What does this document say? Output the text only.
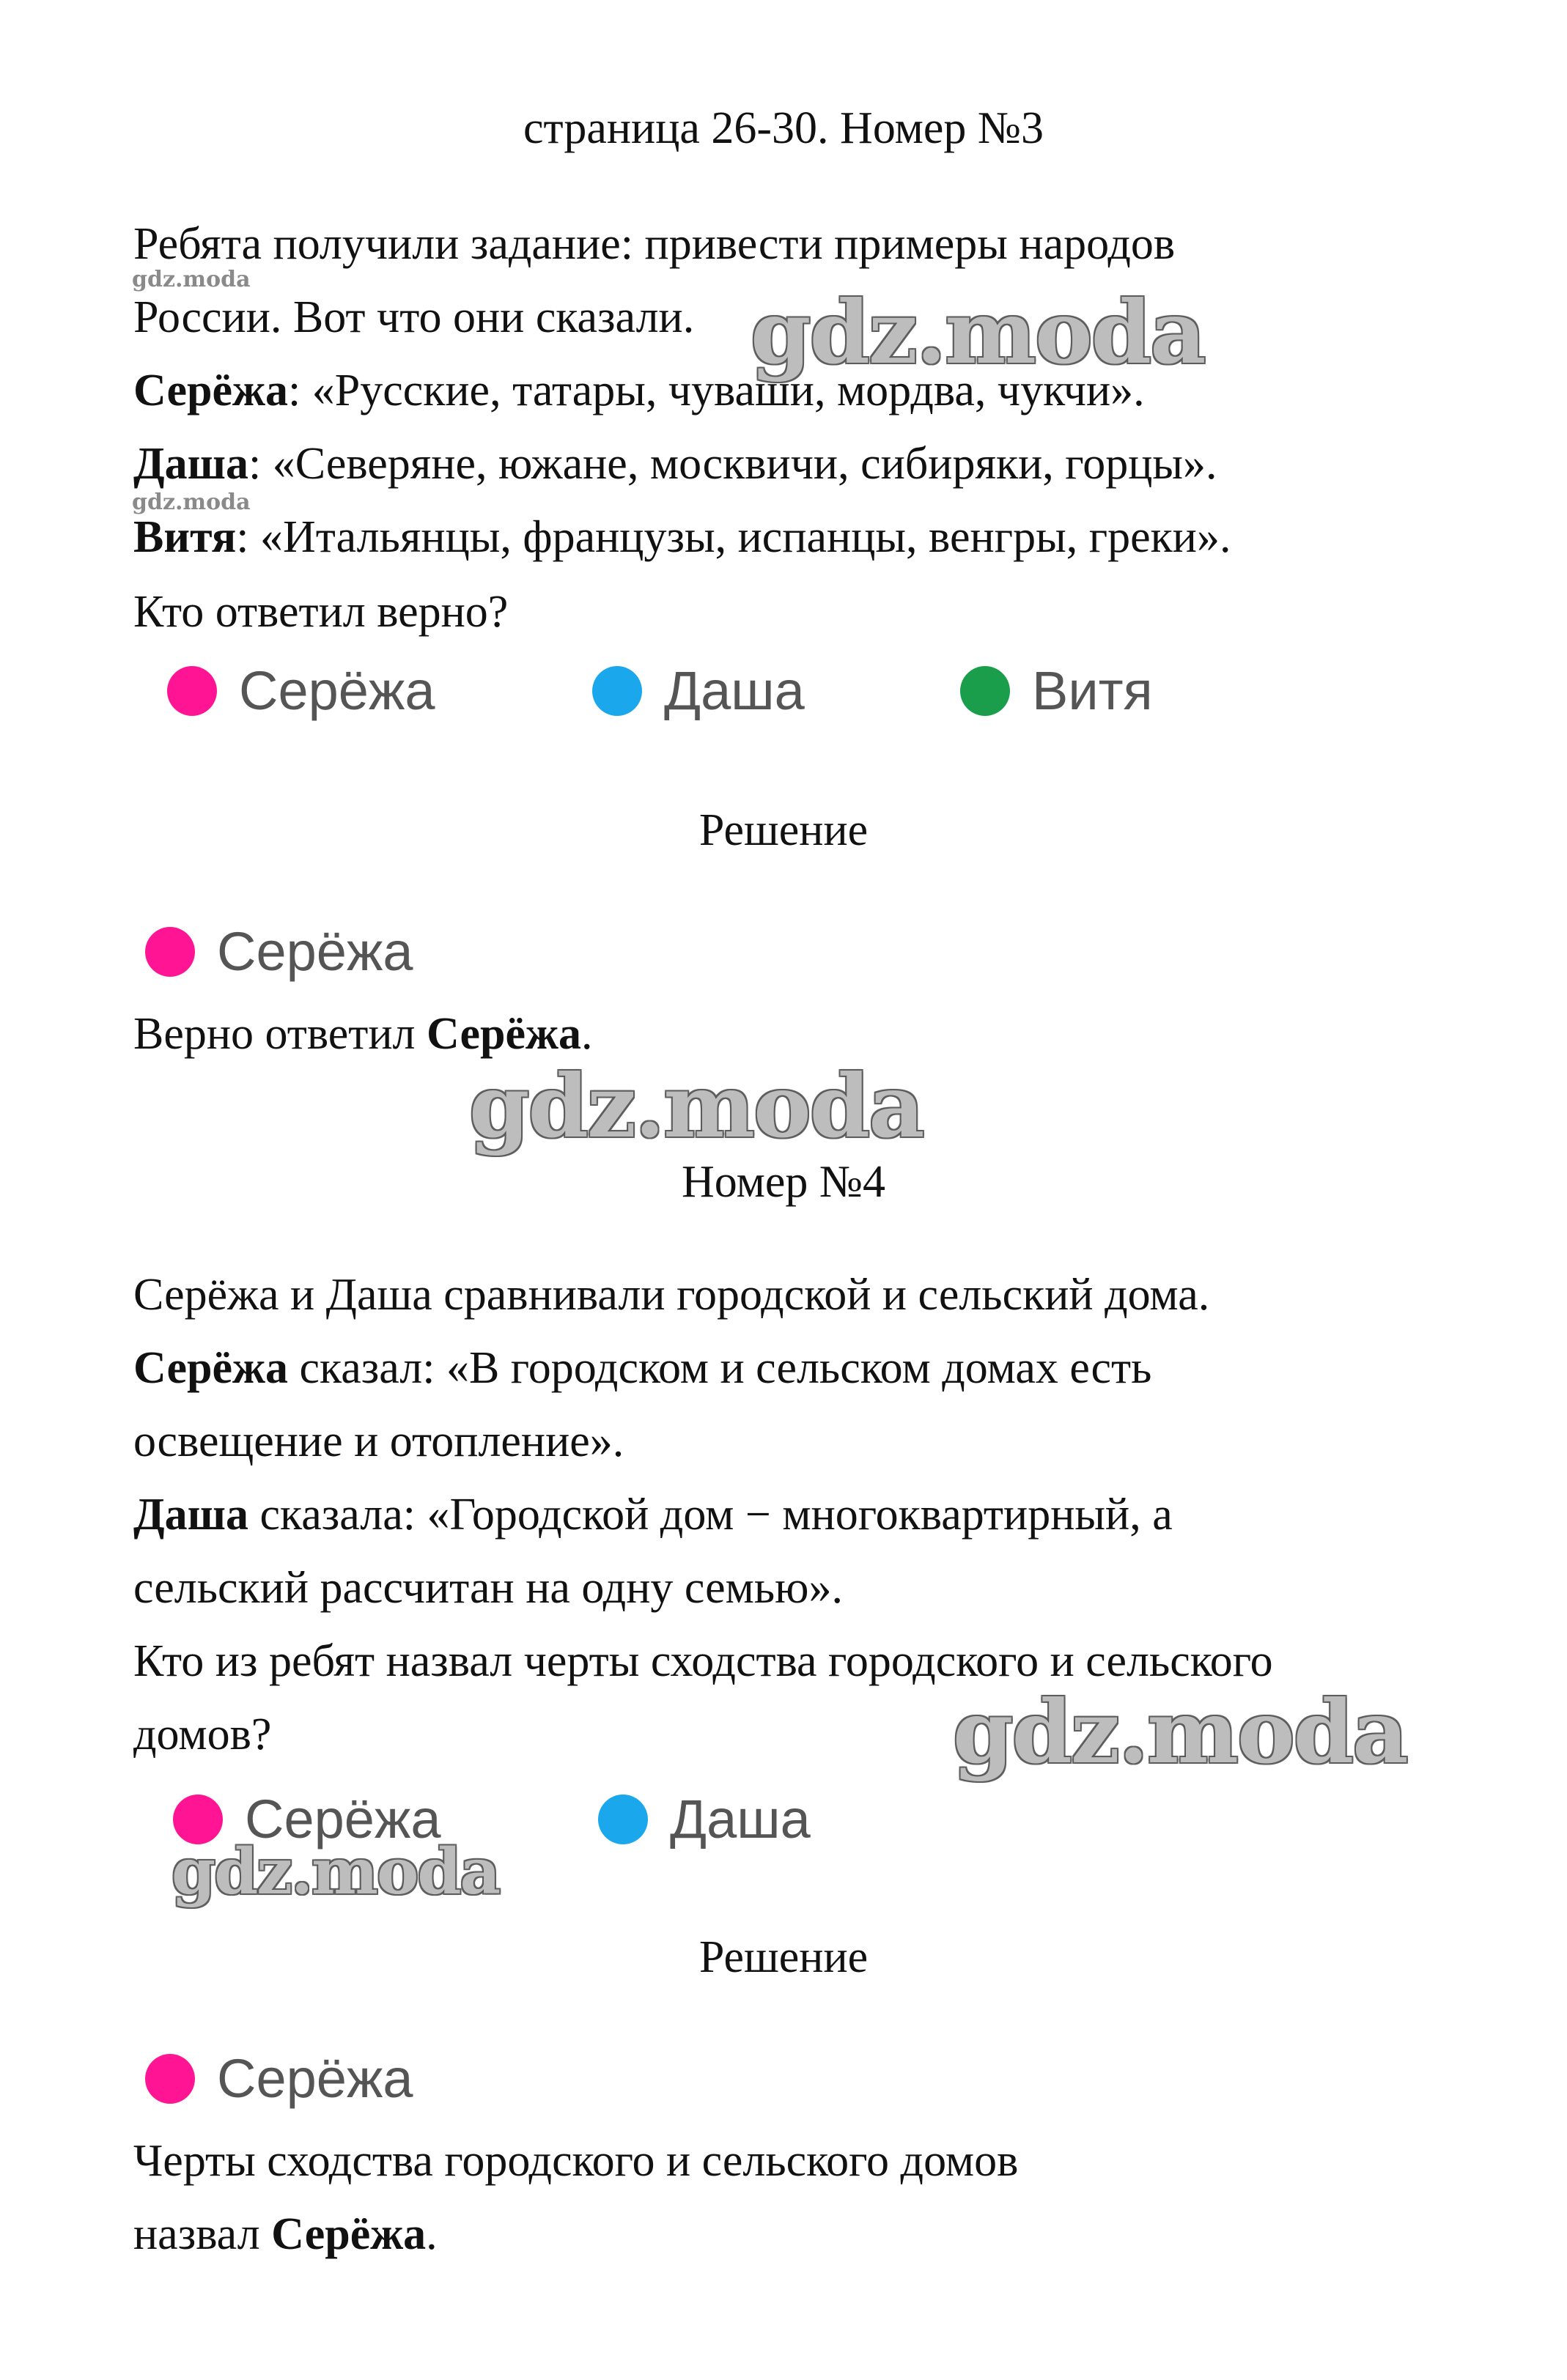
страница 26-30. Номер №3
Ребята получили задание: привести примеры народов
России. Вот что они сказали.
Серёжа: «Русские, татары, чуваши, мордва, чукчи».
Даша: «Северяне, южане, москвичи, сибиряки, горцы».
Витя: «Итальянцы, французы, испанцы, венгры, греки».
Кто ответил верно?
Серёжа	Даша	Витя
Решение
Серёжа
Верно ответил Серёжа.
Номер №4
Серёжа и Даша сравнивали городской и сельский дома.
Серёжа сказал: «В городском и сельском домах есть
освещение и отопление».
Даша сказала: «Городской дом − многоквартирный, а
сельский рассчитан на одну семью».
Кто из ребят назвал черты сходства городского и сельского
домов?
Серёжа	Даша
Решение
Серёжа
Черты сходства городского и сельского домов
назвал Серёжа.
gdz.moda
gdz.moda
gdz.moda
gdz.moda
gdz.moda
gdz.moda
